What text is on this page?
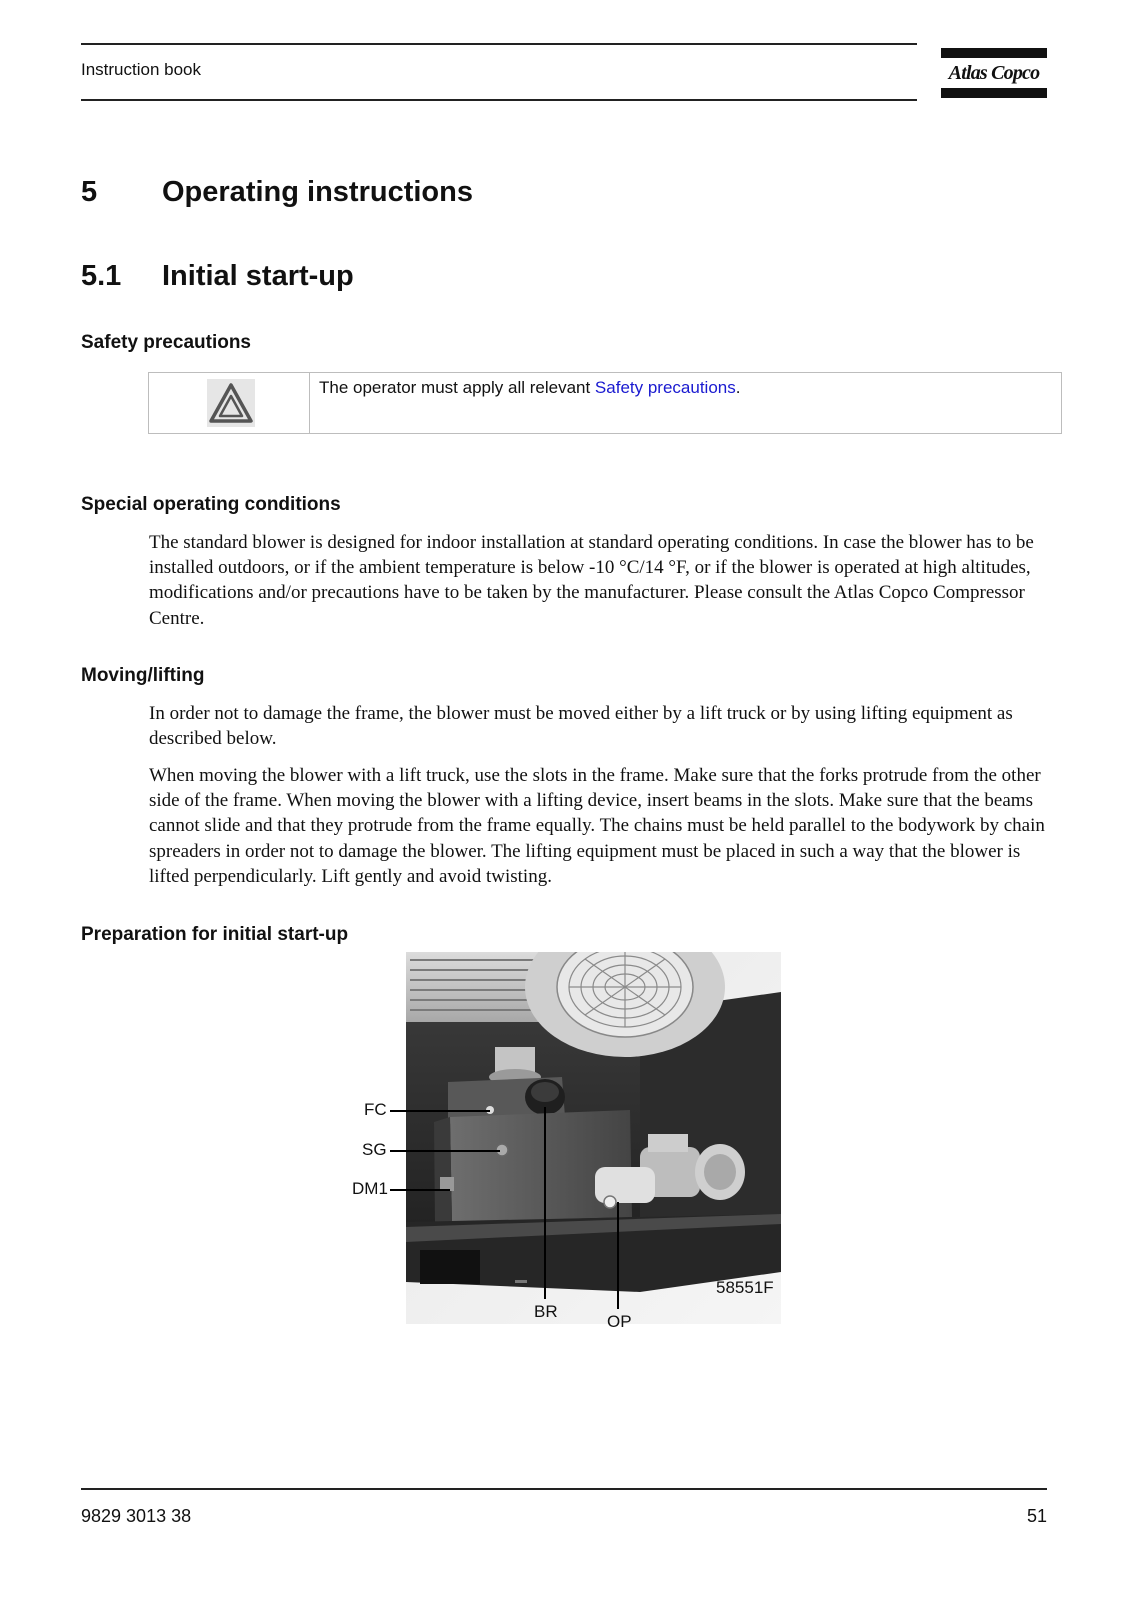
Instruction book	Atlas Copco
5 Operating instructions
5.1 Initial start-up
Safety precautions
The operator must apply all relevant Safety precautions.
Special operating conditions

The standard blower is designed for indoor installation at standard operating conditions. In case the blower has to be installed outdoors, or if the ambient temperature is below -10 °C/14 °F, or if the blower is operated at high altitudes, modifications and/or precautions have to be taken by the manufacturer. Please consult the Atlas Copco Compressor Centre.

Moving/lifting

In order not to damage the frame, the blower must be moved either by a lift truck or by using lifting equipment as described below.

When moving the blower with a lift truck, use the slots in the frame. Make sure that the forks protrude from the other side of the frame. When moving the blower with a lifting device, insert beams in the slots. Make sure that the beams cannot slide and that they protrude from the frame equally. The chains must be held parallel to the bodywork by chain spreaders in order not to damage the blower. The lifting equipment must be placed in such a way that the blower is lifted perpendicularly. Lift gently and avoid twisting.

Preparation for initial start-up
FC
SG
DM1
BR
OP
58551F
9829 3013 38	51
